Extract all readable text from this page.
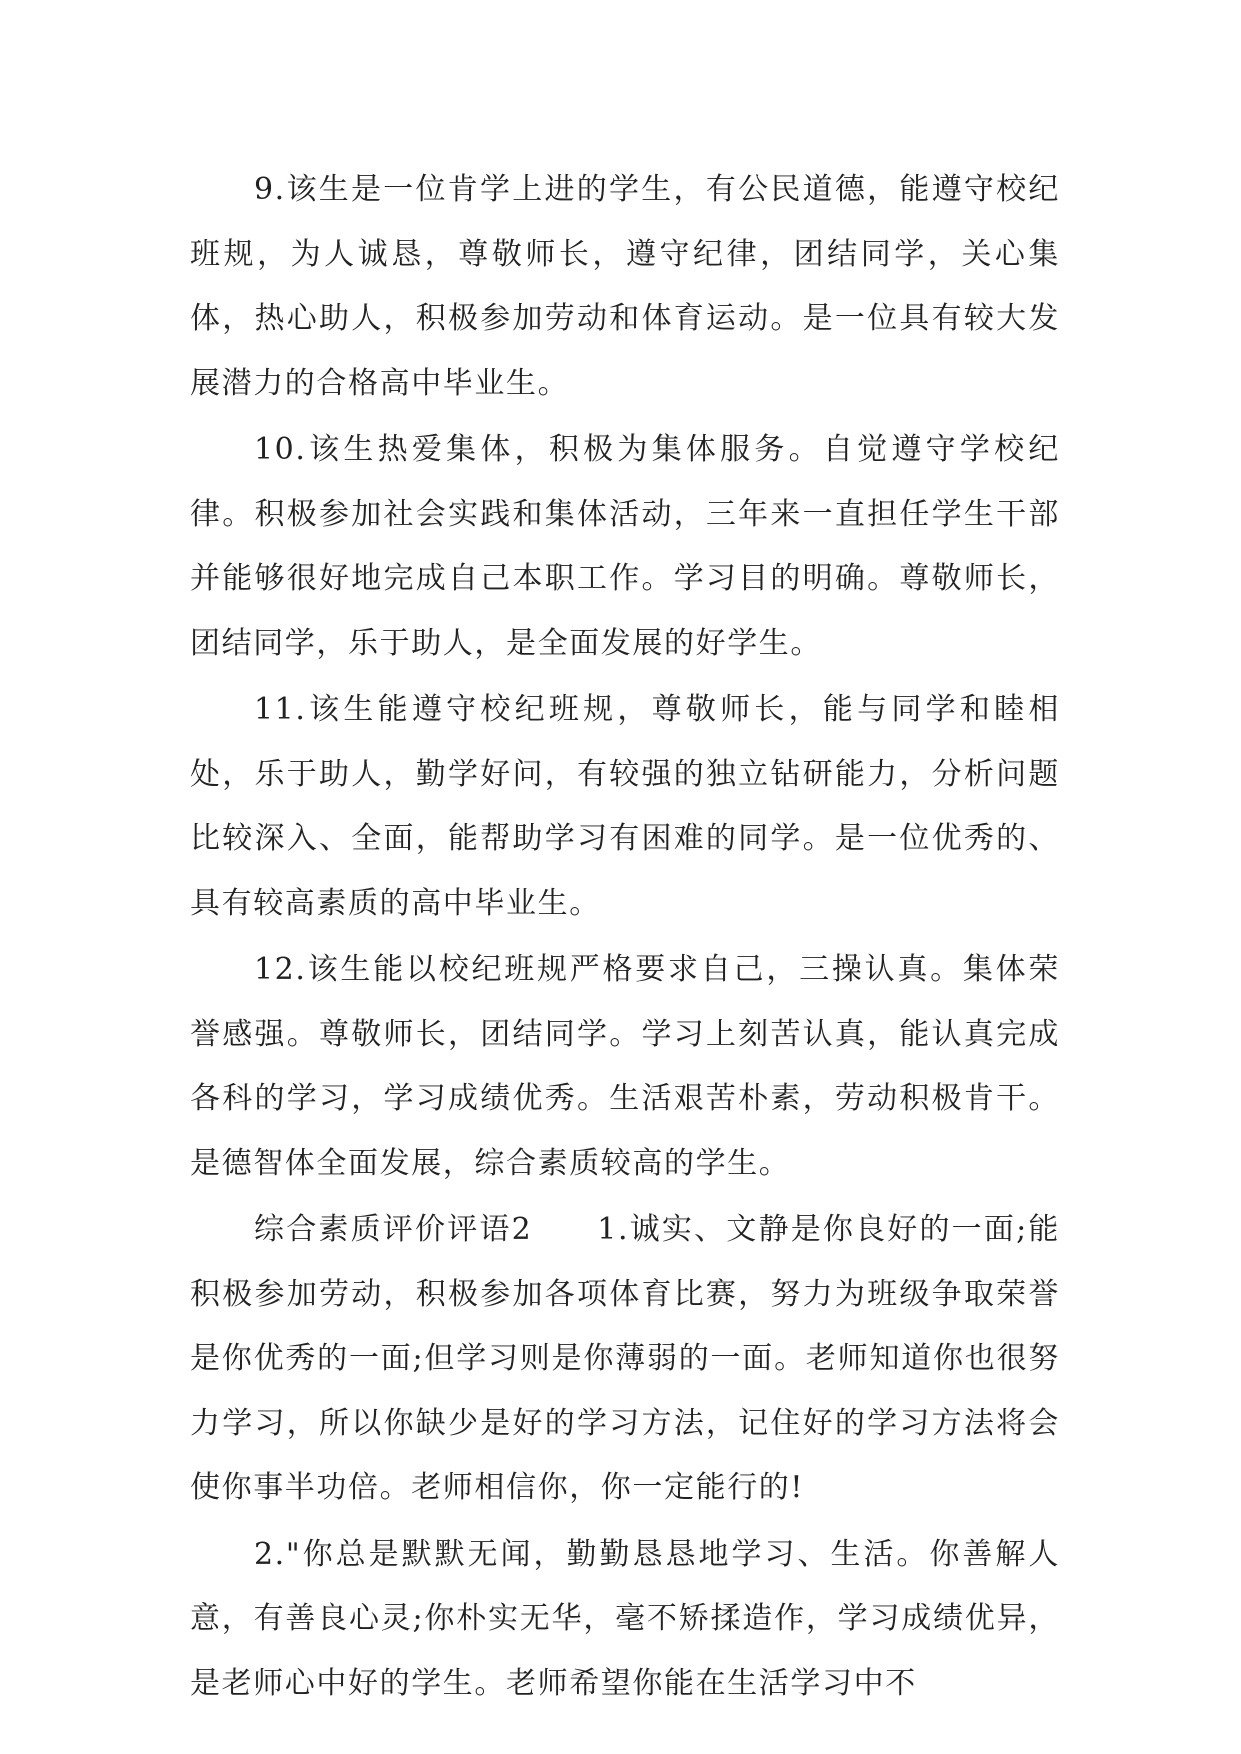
9.该生是一位肯学上进的学生，有公民道德，能遵守校纪班规，为人诚恳，尊敬师长，遵守纪律，团结同学，关心集体，热心助人，积极参加劳动和体育运动。是一位具有较大发展潜力的合格高中毕业生。

10.该生热爱集体，积极为集体服务。自觉遵守学校纪律。积极参加社会实践和集体活动，三年来一直担任学生干部并能够很好地完成自己本职工作。学习目的明确。尊敬师长，团结同学，乐于助人，是全面发展的好学生。

11.该生能遵守校纪班规，尊敬师长，能与同学和睦相处，乐于助人，勤学好问，有较强的独立钻研能力，分析问题比较深入、全面，能帮助学习有困难的同学。是一位优秀的、具有较高素质的高中毕业生。

12.该生能以校纪班规严格要求自己，三操认真。集体荣誉感强。尊敬师长，团结同学。学习上刻苦认真，能认真完成各科的学习，学习成绩优秀。生活艰苦朴素，劳动积极肯干。是德智体全面发展，综合素质较高的学生。

综合素质评价评语2　　1.诚实、文静是你良好的一面;能积极参加劳动，积极参加各项体育比赛，努力为班级争取荣誉是你优秀的一面;但学习则是你薄弱的一面。老师知道你也很努力学习，所以你缺少是好的学习方法，记住好的学习方法将会使你事半功倍。老师相信你，你一定能行的!

2."你总是默默无闻，勤勤恳恳地学习、生活。你善解人意，有善良心灵;你朴实无华，毫不矫揉造作，学习成绩优异，是老师心中好的学生。老师希望你能在生活学习中不
